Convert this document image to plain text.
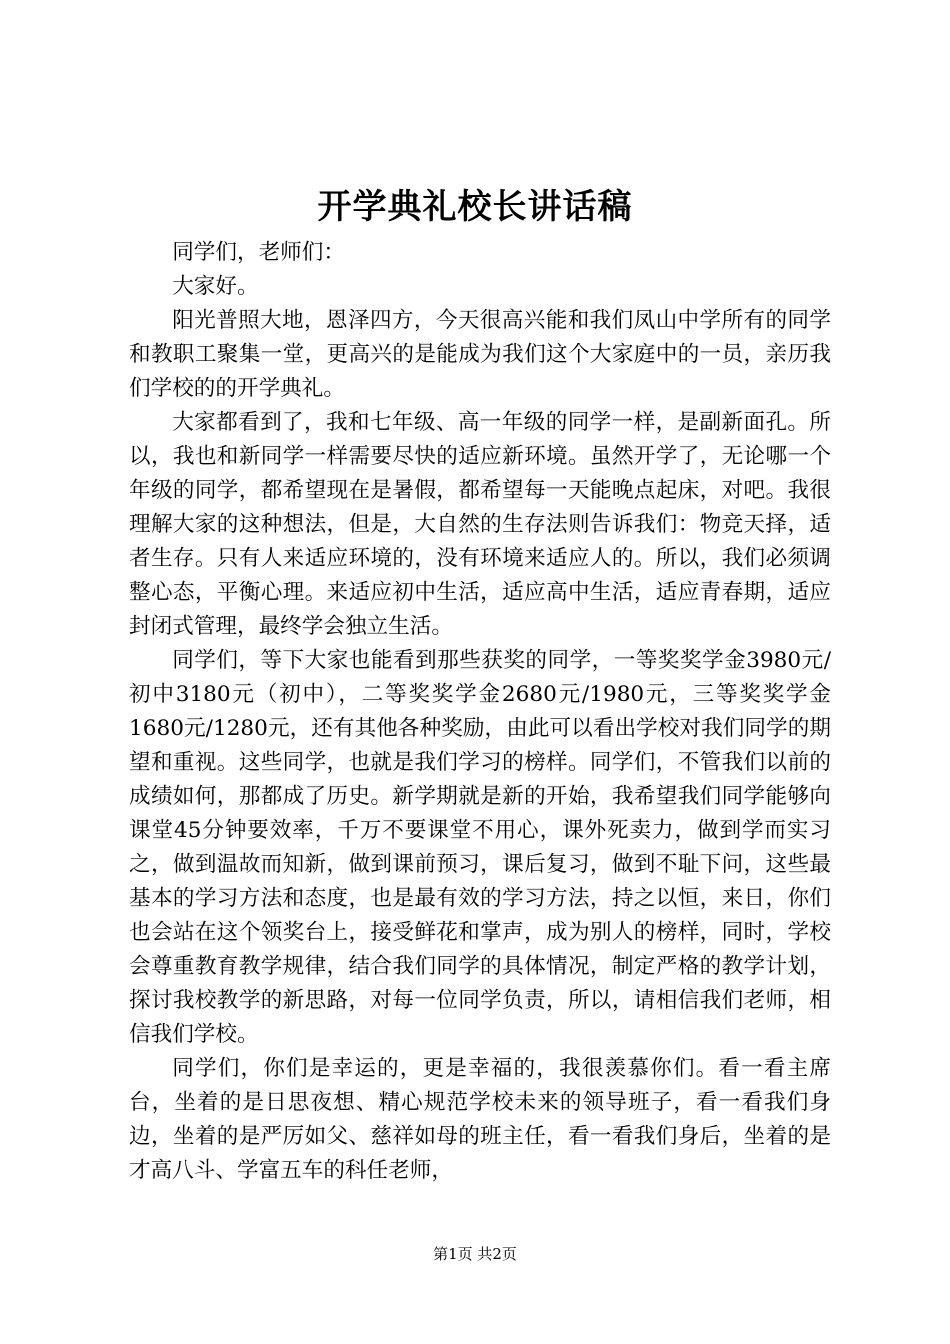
开学典礼校长讲话稿

同学们，老师们：

大家好。

阳光普照大地，恩泽四方，今天很高兴能和我们凤山中学所有的同学和教职工聚集一堂，更高兴的是能成为我们这个大家庭中的一员，亲历我们学校的的开学典礼。

大家都看到了，我和七年级、高一年级的同学一样，是副新面孔。所以，我也和新同学一样需要尽快的适应新环境。虽然开学了，无论哪一个年级的同学，都希望现在是暑假，都希望每一天能晚点起床，对吧。我很理解大家的这种想法，但是，大自然的生存法则告诉我们：物竞天择，适者生存。只有人来适应环境的，没有环境来适应人的。所以，我们必须调整心态，平衡心理。来适应初中生活，适应高中生活，适应青春期，适应封闭式管理，最终学会独立生活。

同学们，等下大家也能看到那些获奖的同学，一等奖奖学金3980元/初中3180元（初中），二等奖奖学金2680元/1980元，三等奖奖学金1680元/1280元，还有其他各种奖励，由此可以看出学校对我们同学的期望和重视。这些同学，也就是我们学习的榜样。同学们，不管我们以前的成绩如何，那都成了历史。新学期就是新的开始，我希望我们同学能够向课堂45分钟要效率，千万不要课堂不用心，课外死卖力，做到学而实习之，做到温故而知新，做到课前预习，课后复习，做到不耻下问，这些最基本的学习方法和态度，也是最有效的学习方法，持之以恒，来日，你们也会站在这个领奖台上，接受鲜花和掌声，成为别人的榜样，同时，学校会尊重教育教学规律，结合我们同学的具体情况，制定严格的教学计划，探讨我校教学的新思路，对每一位同学负责，所以，请相信我们老师，相信我们学校。

同学们，你们是幸运的，更是幸福的，我很羡慕你们。看一看主席台，坐着的是日思夜想、精心规范学校未来的领导班子，看一看我们身边，坐着的是严厉如父、慈祥如母的班主任，看一看我们身后，坐着的是才高八斗、学富五车的科任老师，

第1页 共2页
